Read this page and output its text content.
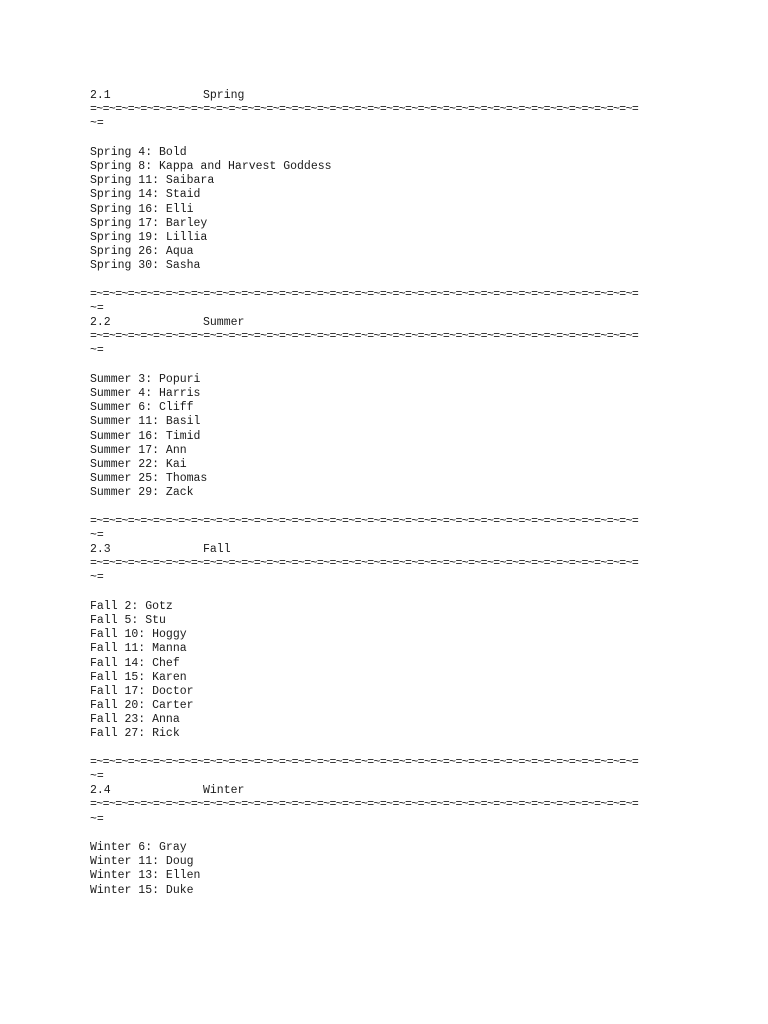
2.1	Spring
=~=~=~=~=~=~=~=~=~=~=~=~=~=~=~=~=~=~=~=~=~=~=~=~=~=~=~=~=~=~=~=~=~=~=~=~=~=~=~=~=~=~=~=
~=
Spring 4: Bold
Spring 8: Kappa and Harvest Goddess
Spring 11: Saibara
Spring 14: Staid
Spring 16: Elli
Spring 17: Barley
Spring 19: Lillia
Spring 26: Aqua
Spring 30: Sasha
=~=~=~=~=~=~=~=~=~=~=~=~=~=~=~=~=~=~=~=~=~=~=~=~=~=~=~=~=~=~=~=~=~=~=~=~=~=~=~=~=~=~=~=
~=
2.2	Summer
=~=~=~=~=~=~=~=~=~=~=~=~=~=~=~=~=~=~=~=~=~=~=~=~=~=~=~=~=~=~=~=~=~=~=~=~=~=~=~=~=~=~=~=
~=
Summer 3: Popuri
Summer 4: Harris
Summer 6: Cliff
Summer 11: Basil
Summer 16: Timid
Summer 17: Ann
Summer 22: Kai
Summer 25: Thomas
Summer 29: Zack
=~=~=~=~=~=~=~=~=~=~=~=~=~=~=~=~=~=~=~=~=~=~=~=~=~=~=~=~=~=~=~=~=~=~=~=~=~=~=~=~=~=~=~=
~=
2.3	Fall
=~=~=~=~=~=~=~=~=~=~=~=~=~=~=~=~=~=~=~=~=~=~=~=~=~=~=~=~=~=~=~=~=~=~=~=~=~=~=~=~=~=~=~=
~=
Fall 2: Gotz
Fall 5: Stu
Fall 10: Hoggy
Fall 11: Manna
Fall 14: Chef
Fall 15: Karen
Fall 17: Doctor
Fall 20: Carter
Fall 23: Anna
Fall 27: Rick
=~=~=~=~=~=~=~=~=~=~=~=~=~=~=~=~=~=~=~=~=~=~=~=~=~=~=~=~=~=~=~=~=~=~=~=~=~=~=~=~=~=~=~=
~=
2.4	Winter
=~=~=~=~=~=~=~=~=~=~=~=~=~=~=~=~=~=~=~=~=~=~=~=~=~=~=~=~=~=~=~=~=~=~=~=~=~=~=~=~=~=~=~=
~=
Winter 6: Gray
Winter 11: Doug
Winter 13: Ellen
Winter 15: Duke
